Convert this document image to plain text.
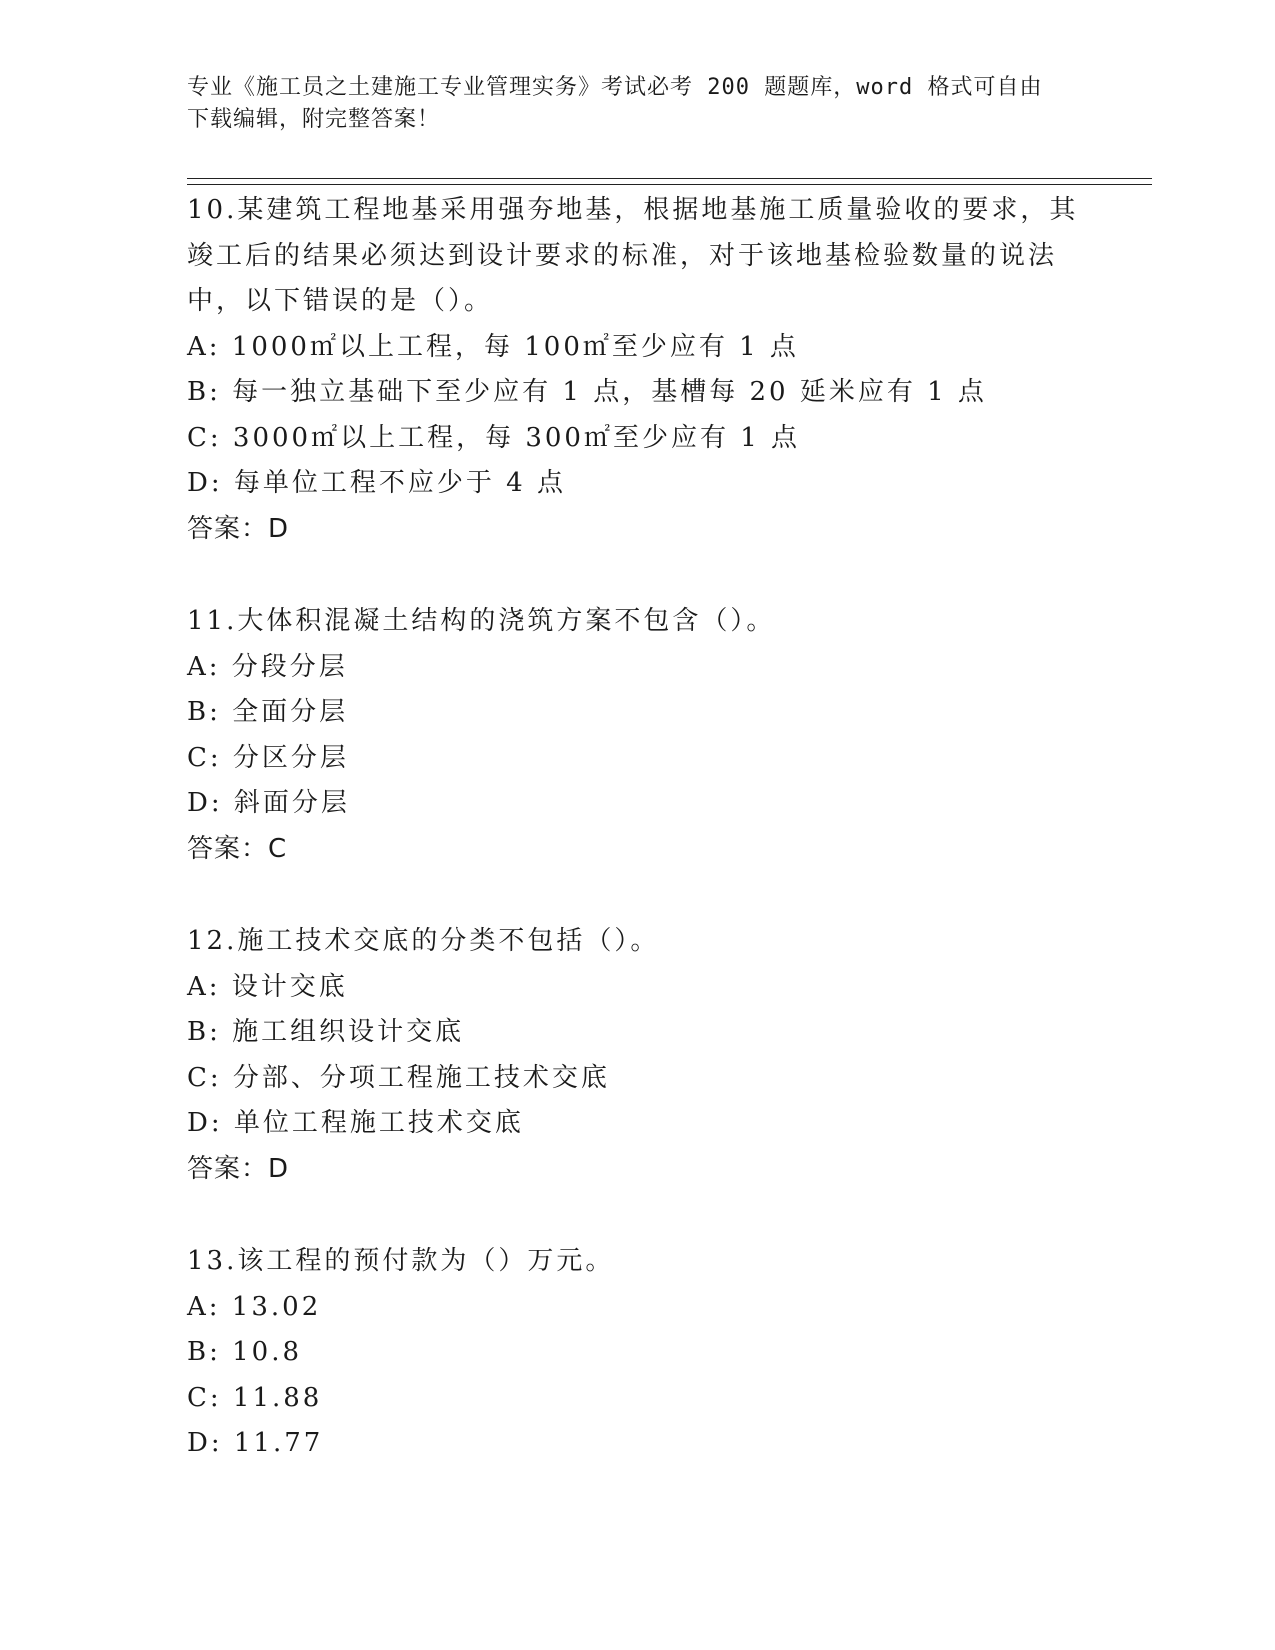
专业《施工员之土建施工专业管理实务》考试必考 200 题题库，word 格式可自由
下载编辑，附完整答案！
10.某建筑工程地基采用强夯地基，根据地基施工质量验收的要求，其
竣工后的结果必须达到设计要求的标准，对于该地基检验数量的说法
中，以下错误的是（）。
A: 1000㎡以上工程，每 100㎡至少应有 1 点
B: 每一独立基础下至少应有 1 点，基槽每 20 延米应有 1 点
C: 3000㎡以上工程，每 300㎡至少应有 1 点
D: 每单位工程不应少于 4 点
答案：D
11.大体积混凝土结构的浇筑方案不包含（）。
A: 分段分层
B: 全面分层
C: 分区分层
D: 斜面分层
答案：C
12.施工技术交底的分类不包括（）。
A: 设计交底
B: 施工组织设计交底
C: 分部、分项工程施工技术交底
D: 单位工程施工技术交底
答案：D
13.该工程的预付款为（）万元。
A: 13.02
B: 10.8
C: 11.88
D: 11.77
